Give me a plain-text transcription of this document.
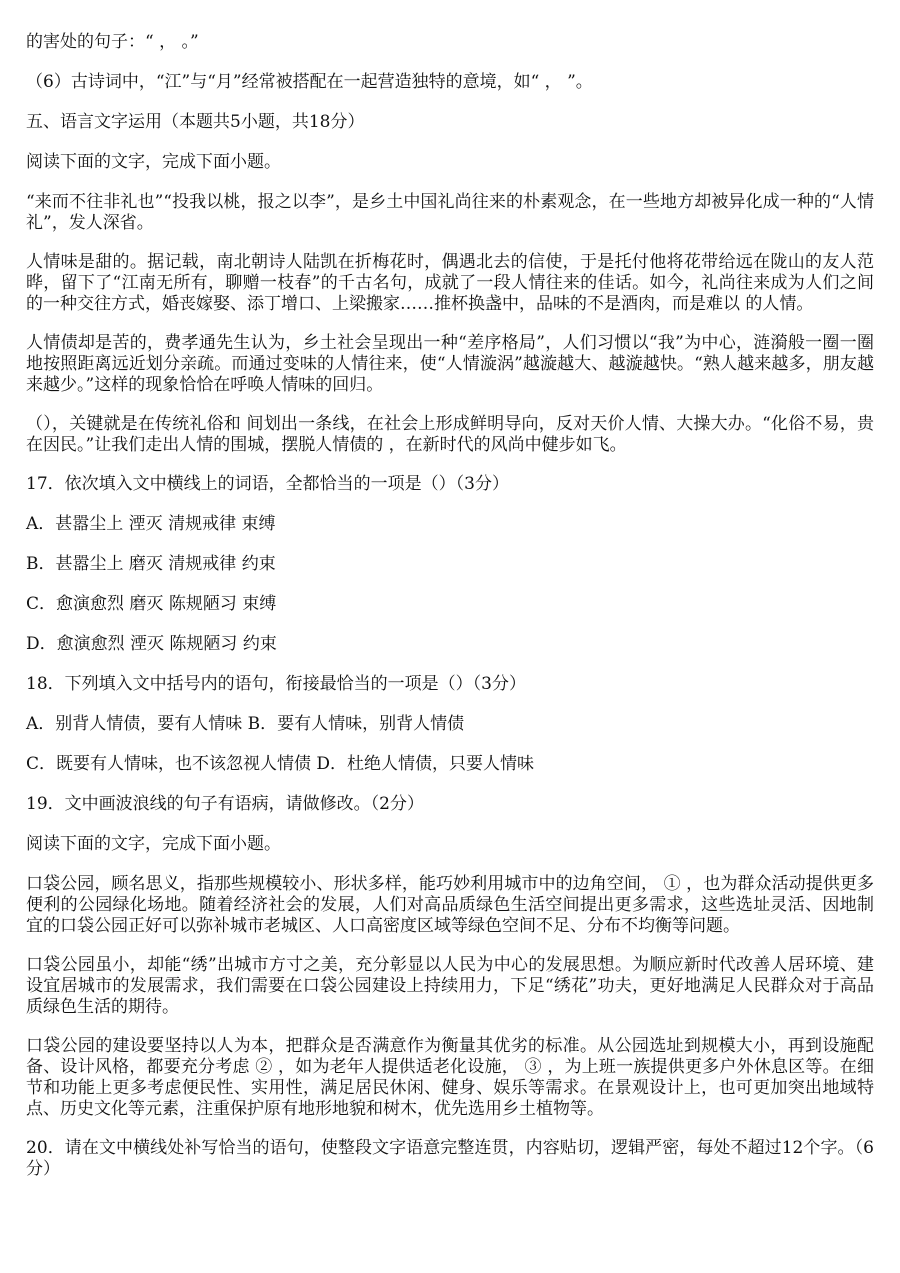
的害处的句子：“ ， 。”

（6）古诗词中，“江”与“月”经常被搭配在一起营造独特的意境，如“ ， ”。

五、语言文字运用（本题共5小题，共18分）

阅读下面的文字，完成下面小题。

“来而不往非礼也”“投我以桃，报之以李”，是乡土中国礼尚往来的朴素观念，在一些地方却被异化成一种的“人情礼”，发人深省。

人情味是甜的。据记载，南北朝诗人陆凯在折梅花时，偶遇北去的信使，于是托付他将花带给远在陇山的友人范晔，留下了“江南无所有，聊赠一枝春”的千古名句，成就了一段人情往来的佳话。如今，礼尚往来成为人们之间的一种交往方式，婚丧嫁娶、添丁增口、上梁搬家……推杯换盏中，品味的不是酒肉，而是难以 的人情。

人情债却是苦的，费孝通先生认为，乡土社会呈现出一种“差序格局”，人们习惯以“我”为中心，涟漪般一圈一圈地按照距离远近划分亲疏。而通过变味的人情往来，使“人情漩涡”越漩越大、越漩越快。“熟人越来越多，朋友越来越少。”这样的现象恰恰在呼唤人情味的回归。

（），关键就是在传统礼俗和 间划出一条线，在社会上形成鲜明导向，反对天价人情、大操大办。“化俗不易，贵在因民。”让我们走出人情的围城，摆脱人情债的 ，在新时代的风尚中健步如飞。

17．依次填入文中横线上的词语，全都恰当的一项是（）（3分）

A．甚嚣尘上 湮灭 清规戒律 束缚

B．甚嚣尘上 磨灭 清规戒律 约束

C．愈演愈烈 磨灭 陈规陋习 束缚

D．愈演愈烈 湮灭 陈规陋习 约束

18．下列填入文中括号内的语句，衔接最恰当的一项是（）（3分）

A．别背人情债，要有人情味 B．要有人情味，别背人情债

C．既要有人情味，也不该忽视人情债 D．杜绝人情债，只要人情味

19．文中画波浪线的句子有语病，请做修改。（2分）

阅读下面的文字，完成下面小题。

口袋公园，顾名思义，指那些规模较小、形状多样，能巧妙利用城市中的边角空间， ① ，也为群众活动提供更多便利的公园绿化场地。随着经济社会的发展，人们对高品质绿色生活空间提出更多需求，这些选址灵活、因地制宜的口袋公园正好可以弥补城市老城区、人口高密度区域等绿色空间不足、分布不均衡等问题。

口袋公园虽小，却能“绣”出城市方寸之美，充分彰显以人民为中心的发展思想。为顺应新时代改善人居环境、建设宜居城市的发展需求，我们需要在口袋公园建设上持续用力，下足“绣花”功夫，更好地满足人民群众对于高品质绿色生活的期待。

口袋公园的建设要坚持以人为本，把群众是否满意作为衡量其优劣的标准。从公园选址到规模大小，再到设施配备、设计风格，都要充分考虑 ② ，如为老年人提供适老化设施， ③ ，为上班一族提供更多户外休息区等。在细节和功能上更多考虑便民性、实用性，满足居民休闲、健身、娱乐等需求。在景观设计上，也可更加突出地域特点、历史文化等元素，注重保护原有地形地貌和树木，优先选用乡土植物等。

20．请在文中横线处补写恰当的语句，使整段文字语意完整连贯，内容贴切，逻辑严密，每处不超过12个字。（6分）
